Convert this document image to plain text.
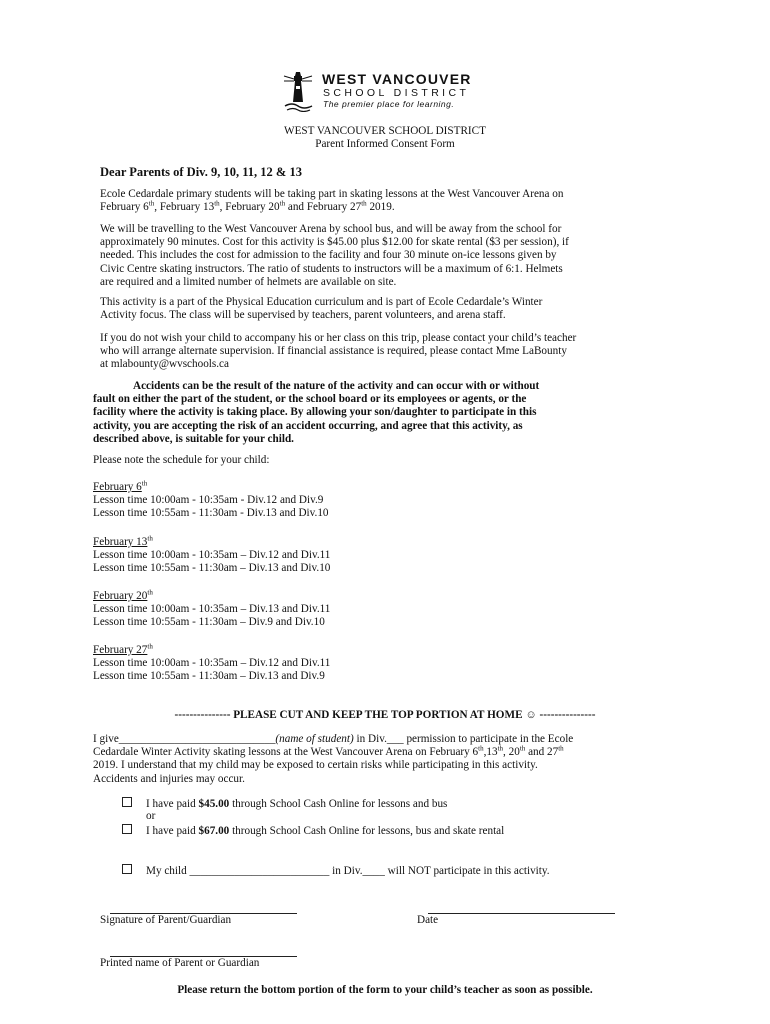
WEST VANCOUVER
SCHOOL DISTRICT
The premier place for learning.
WEST VANCOUVER SCHOOL DISTRICT
Parent Informed Consent Form
Dear Parents of Div. 9, 10, 11, 12 & 13
Ecole Cedardale primary students will be taking part in skating lessons at the West Vancouver Arena on
February 6th, February 13th, February 20th and February 27th 2019.
We will be travelling to the West Vancouver Arena by school bus, and will be away from the school for
approximately 90 minutes. Cost for this activity is $45.00 plus $12.00 for skate rental ($3 per session), if
needed. This includes the cost for admission to the facility and four 30 minute on-ice lessons given by
Civic Centre skating instructors. The ratio of students to instructors will be a maximum of 6:1. Helmets
are required and a limited number of helmets are available on site.
This activity is a part of the Physical Education curriculum and is part of Ecole Cedardale’s Winter
Activity focus. The class will be supervised by teachers, parent volunteers, and arena staff.
If you do not wish your child to accompany his or her class on this trip, please contact your child’s teacher
who will arrange alternate supervision. If financial assistance is required, please contact Mme LaBounty
at mlabounty@wvschools.ca
Accidents can be the result of the nature of the activity and can occur with or without
fault on either the part of the student, or the school board or its employees or agents, or the
facility where the activity is taking place. By allowing your son/daughter to participate in this
activity, you are accepting the risk of an accident occurring, and agree that this activity, as
described above, is suitable for your child.
Please note the schedule for your child:
February 6th
Lesson time 10:00am - 10:35am - Div.12 and Div.9
Lesson time 10:55am - 11:30am - Div.13 and Div.10
February 13th
Lesson time 10:00am - 10:35am – Div.12 and Div.11
Lesson time 10:55am - 11:30am – Div.13 and Div.10
February 20th
Lesson time 10:00am - 10:35am – Div.13 and Div.11
Lesson time 10:55am - 11:30am – Div.9 and Div.10
February 27th
Lesson time 10:00am - 10:35am – Div.12 and Div.11
Lesson time 10:55am - 11:30am – Div.13 and Div.9
--------------- PLEASE CUT AND KEEP THE TOP PORTION AT HOME ☺ ---------------
I give____________________________(name of student) in Div.___ permission to participate in the Ecole
Cedardale Winter Activity skating lessons at the West Vancouver Arena on February 6th,13th, 20th and 27th
2019. I understand that my child may be exposed to certain risks while participating in this activity.
Accidents and injuries may occur.
I have paid $45.00 through School Cash Online for lessons and bus
or
I have paid $67.00 through School Cash Online for lessons, bus and skate rental
My child _________________________ in Div.____ will NOT participate in this activity.
Signature of Parent/Guardian	Date
Printed name of Parent or Guardian
Please return the bottom portion of the form to your child’s teacher as soon as possible.
